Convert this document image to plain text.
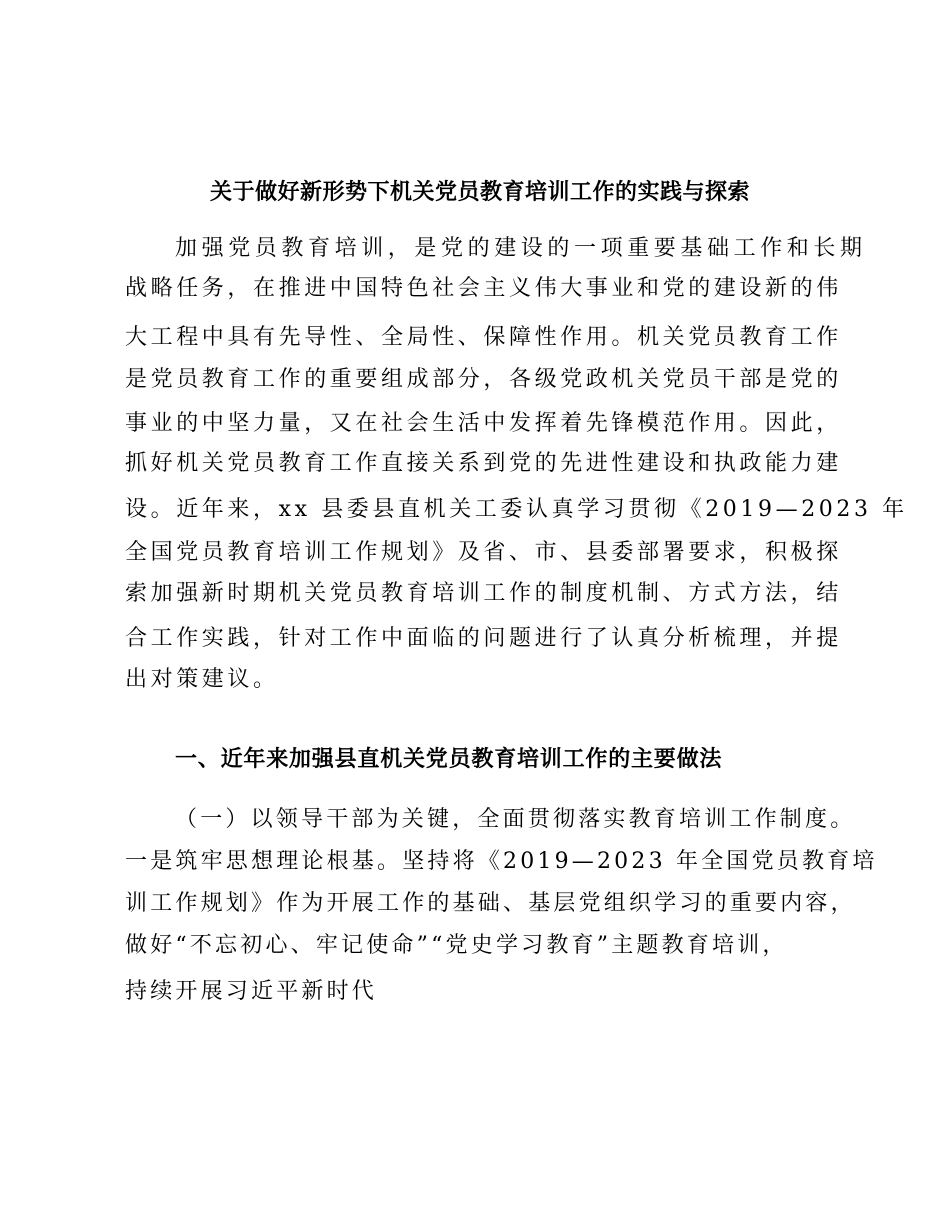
关于做好新形势下机关党员教育培训工作的实践与探索
加强党员教育培训，是党的建设的一项重要基础工作和长期
战略任务，在推进中国特色社会主义伟大事业和党的建设新的伟
大工程中具有先导性、全局性、保障性作用。机关党员教育工作
是党员教育工作的重要组成部分，各级党政机关党员干部是党的
事业的中坚力量，又在社会生活中发挥着先锋模范作用。因此，
抓好机关党员教育工作直接关系到党的先进性建设和执政能力建
设。近年来，xx 县委县直机关工委认真学习贯彻《2019—2023 年
全国党员教育培训工作规划》及省、市、县委部署要求，积极探
索加强新时期机关党员教育培训工作的制度机制、方式方法，结
合工作实践，针对工作中面临的问题进行了认真分析梳理，并提
出对策建议。
一、近年来加强县直机关党员教育培训工作的主要做法
（一）以领导干部为关键，全面贯彻落实教育培训工作制度。
一是筑牢思想理论根基。坚持将《2019—2023 年全国党员教育培
训工作规划》作为开展工作的基础、基层党组织学习的重要内容，
做好“不忘初心、牢记使命”“党史学习教育”主题教育培训，
持续开展习近平新时代
